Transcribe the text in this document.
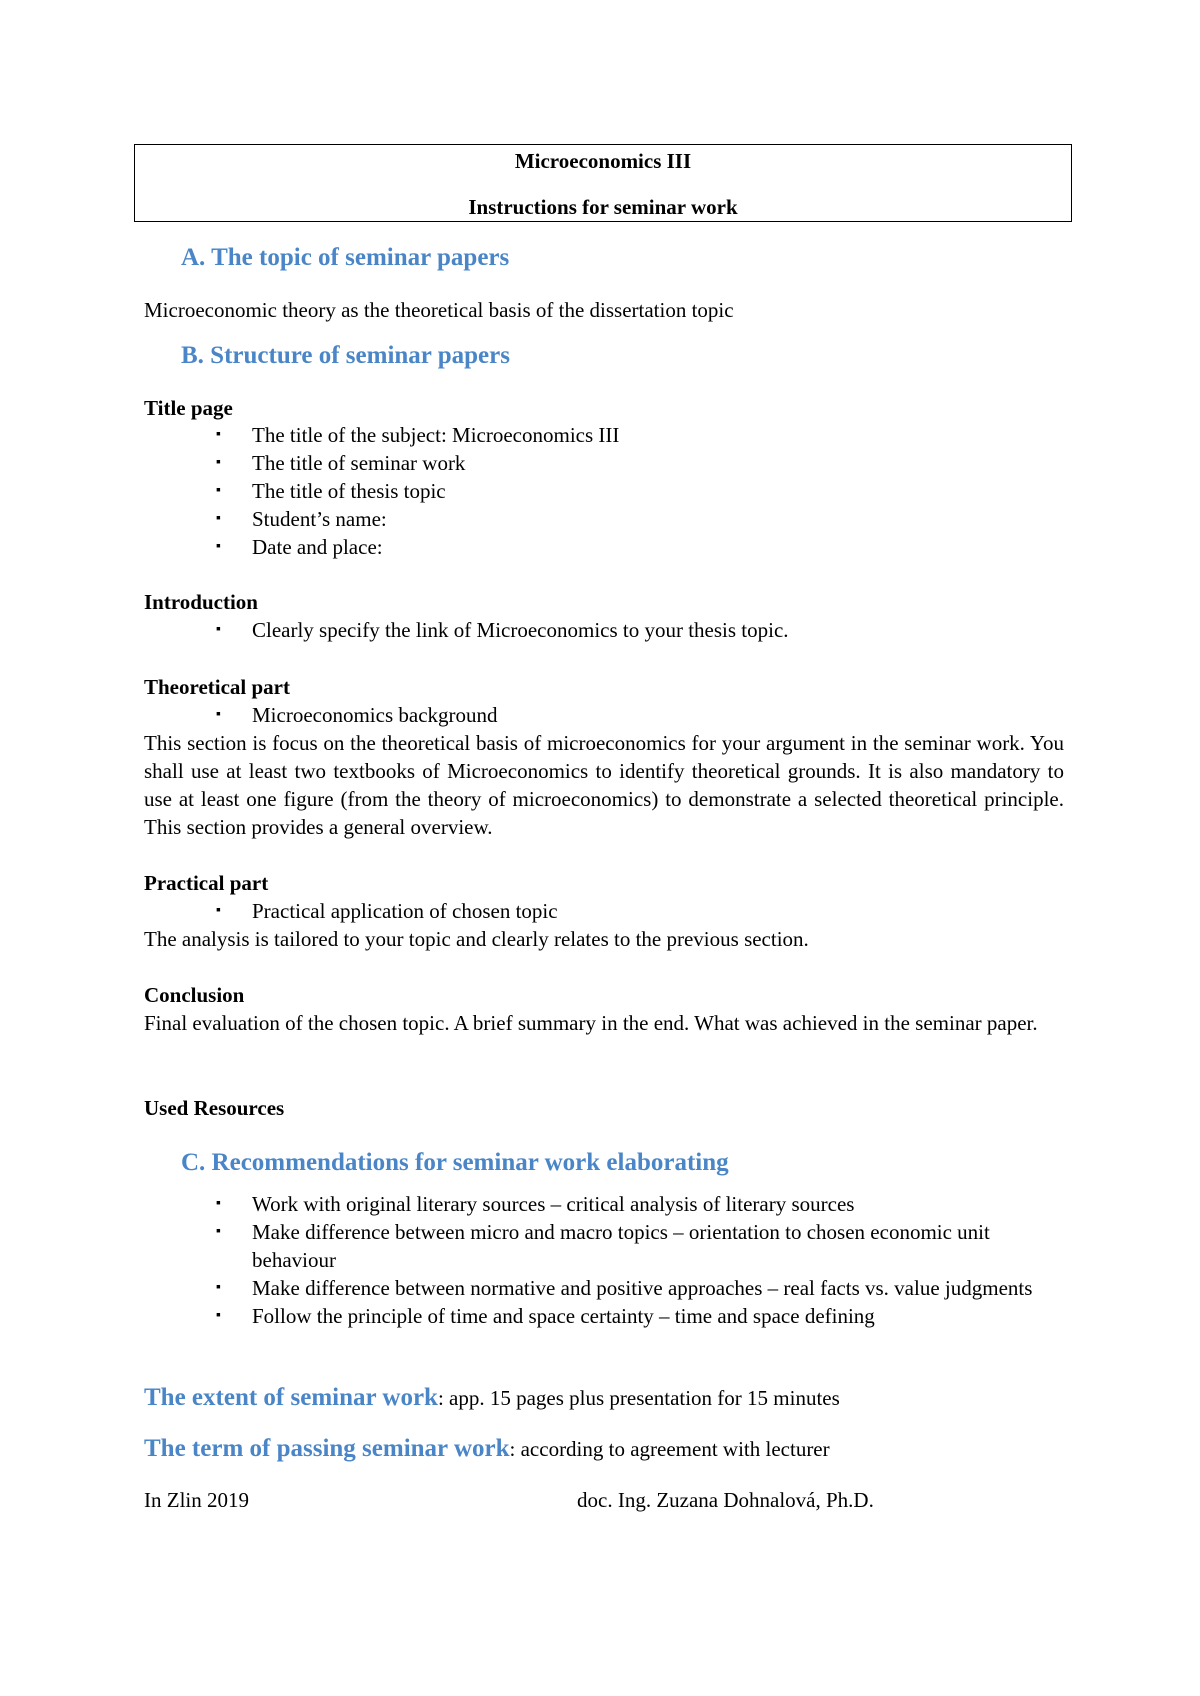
Microeconomics III
Instructions for seminar work
A. The topic of seminar papers
Microeconomic theory as the theoretical basis of the dissertation topic
B. Structure of seminar papers
Title page
▪ The title of the subject: Microeconomics III
▪ The title of seminar work
▪ The title of thesis topic
▪ Student’s name:
▪ Date and place:
Introduction
▪ Clearly specify the link of Microeconomics to your thesis topic.
Theoretical part
▪ Microeconomics background
This section is focus on the theoretical basis of microeconomics for your argument in the seminar work. You shall use at least two textbooks of Microeconomics to identify theoretical grounds. It is also mandatory to use at least one figure (from the theory of microeconomics) to demonstrate a selected theoretical principle. This section provides a general overview.
Practical part
▪ Practical application of chosen topic
The analysis is tailored to your topic and clearly relates to the previous section.
Conclusion
Final evaluation of the chosen topic. A brief summary in the end. What was achieved in the seminar paper.
Used Resources
C. Recommendations for seminar work elaborating
▪ Work with original literary sources – critical analysis of literary sources
▪ Make difference between micro and macro topics – orientation to chosen economic unit behaviour
▪ Make difference between normative and positive approaches – real facts vs. value judgments
▪ Follow the principle of time and space certainty – time and space defining
The extent of seminar work: app. 15 pages plus presentation for 15 minutes
The term of passing seminar work: according to agreement with lecturer
In Zlin 2019	doc. Ing. Zuzana Dohnalová, Ph.D.
